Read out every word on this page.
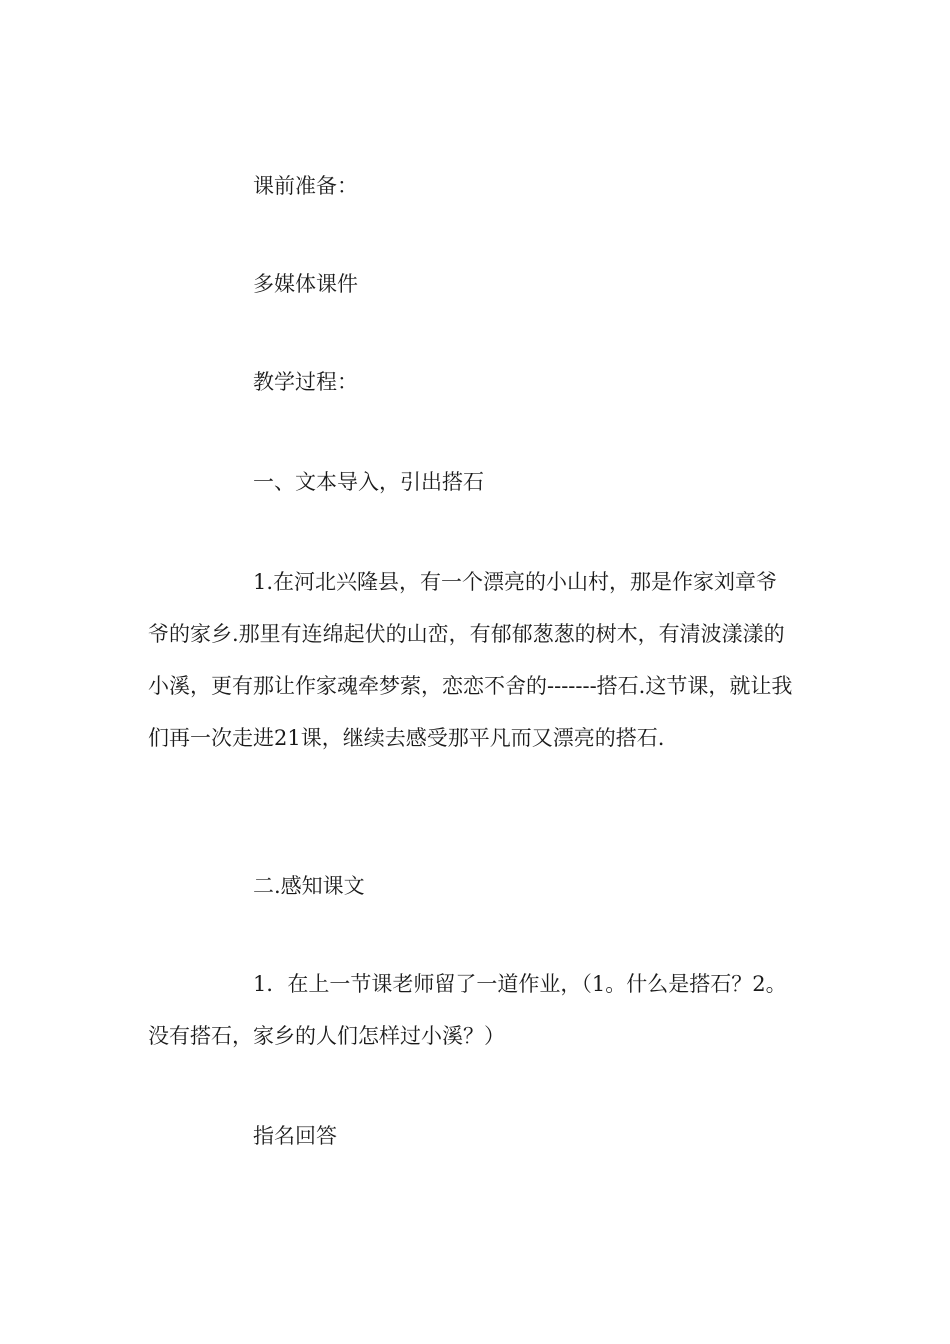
课前准备：

多媒体课件

教学过程：

一、文本导入，引出搭石

1.在河北兴隆县，有一个漂亮的小山村，那是作家刘章爷爷的家乡.那里有连绵起伏的山峦，有郁郁葱葱的树木，有清波漾漾的小溪，更有那让作家魂牵梦萦，恋恋不舍的-------搭石.这节课，就让我们再一次走进21课，继续去感受那平凡而又漂亮的搭石.

二.感知课文

1．在上一节课老师留了一道作业，（1。什么是搭石？2。没有搭石，家乡的人们怎样过小溪？）

指名回答
